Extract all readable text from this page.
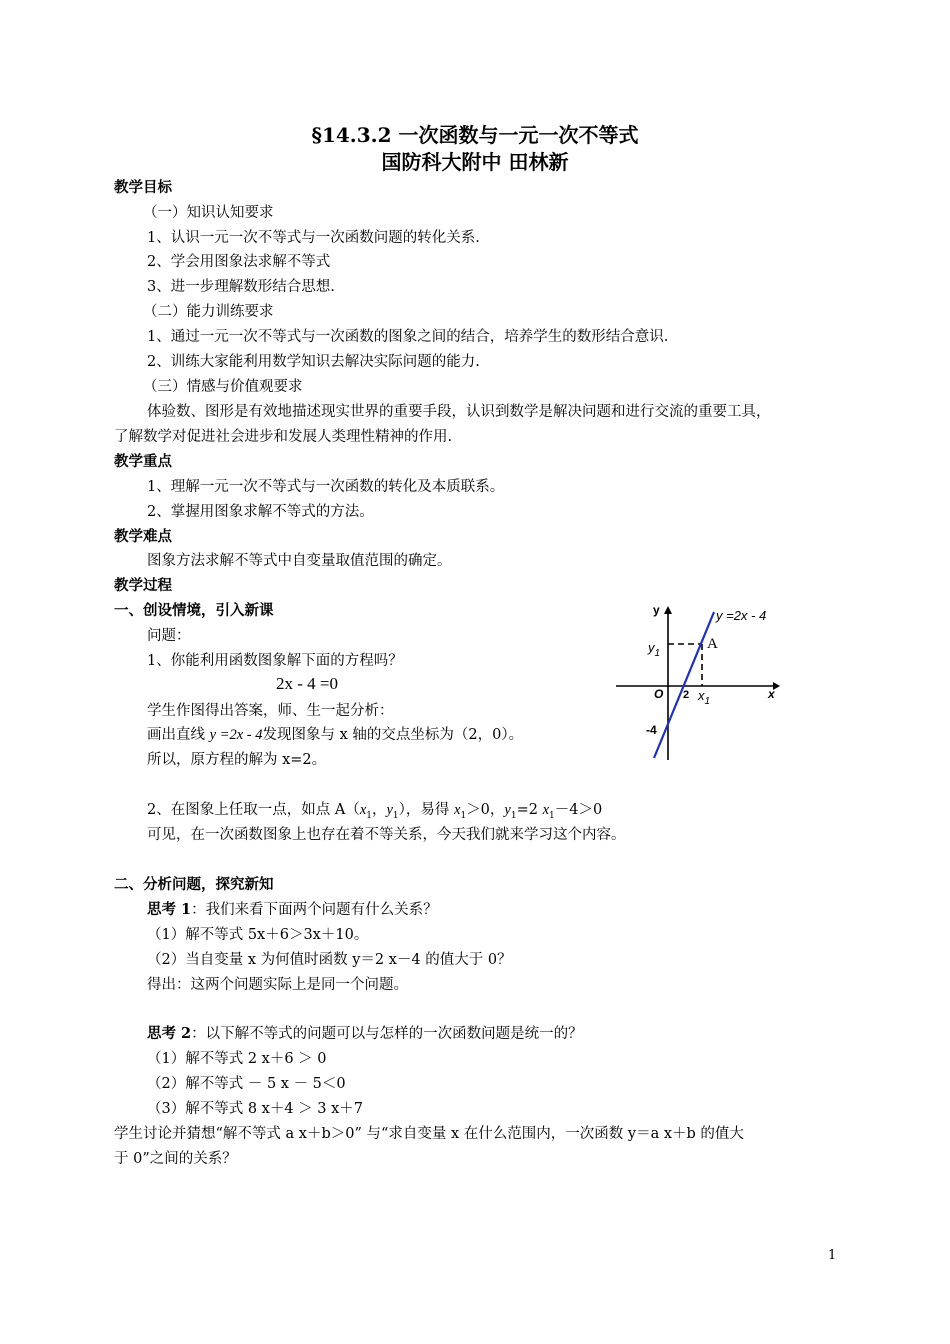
§14.3.2 一次函数与一元一次不等式
国防科大附中 田林新
教学目标
（一）知识认知要求
1、认识一元一次不等式与一次函数问题的转化关系.
2、学会用图象法求解不等式
3、进一步理解数形结合思想.
（二）能力训练要求
1、通过一元一次不等式与一次函数的图象之间的结合，培养学生的数形结合意识.
2、训练大家能利用数学知识去解决实际问题的能力.
（三）情感与价值观要求
体验数、图形是有效地描述现实世界的重要手段，认识到数学是解决问题和进行交流的重要工具，
了解数学对促进社会进步和发展人类理性精神的作用.
教学重点
1、理解一元一次不等式与一次函数的转化及本质联系。
2、掌握用图象求解不等式的方法。
教学难点
图象方法求解不等式中自变量取值范围的确定。
教学过程
一、创设情境，引入新课
问题：
1、你能利用函数图象解下面的方程吗？
2x - 4 =0
学生作图得出答案，师、生一起分析：
画出直线 y =2x - 4发现图象与 x 轴的交点坐标为（2，0）。
所以，原方程的解为 x=2。
2、在图象上任取一点，如点 $A(x_1$，$y_1$），易得 $x_1>0$，$y_1=2$ $x_1-4>0$
可见，在一次函数图象上也存在着不等关系，今天我们就来学习这个内容。
二、分析问题，探究新知
思考 1：我们来看下面两个问题有什么关系？
（1）解不等式 5x＋6＞3x＋10。
（2）当自变量 x 为何值时函数 y＝2 x－4 的值大于 0？
得出：这两个问题实际上是同一个问题。
思考 2：以下解不等式的问题可以与怎样的一次函数问题是统一的？
（1）解不等式 2 x＋6 ＞ 0
（2）解不等式 － 5 x － 5＜0
（3）解不等式 8 x＋4 ＞ 3 x＋7
学生讨论并猜想“解不等式 a x＋b＞0” 与“求自变量 x 在什么范围内，一次函数 y＝a x＋b 的值大
于 0”之间的关系？
y
x
O 2
-4
A
$y_1$
$x_1$
y =2x - 4
1
